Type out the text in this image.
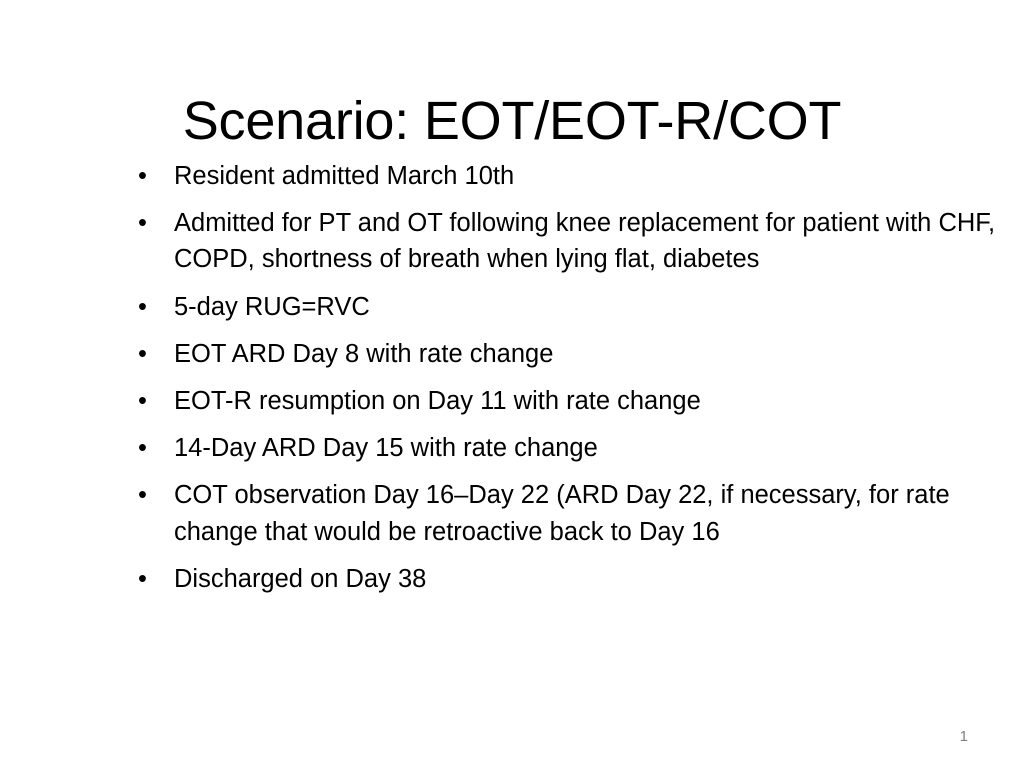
Scenario: EOT/EOT-R/COT
• Resident admitted March 10th
• Admitted for PT and OT following knee replacement for patient with CHF, COPD, shortness of breath when lying flat, diabetes
• 5-day RUG=RVC
• EOT ARD Day 8 with rate change
• EOT-R resumption on Day 11 with rate change
• 14-Day ARD Day 15 with rate change
• COT observation Day 16–Day 22 (ARD Day 22, if necessary, for rate change that would be retroactive back to Day 16
• Discharged on Day 38
1
